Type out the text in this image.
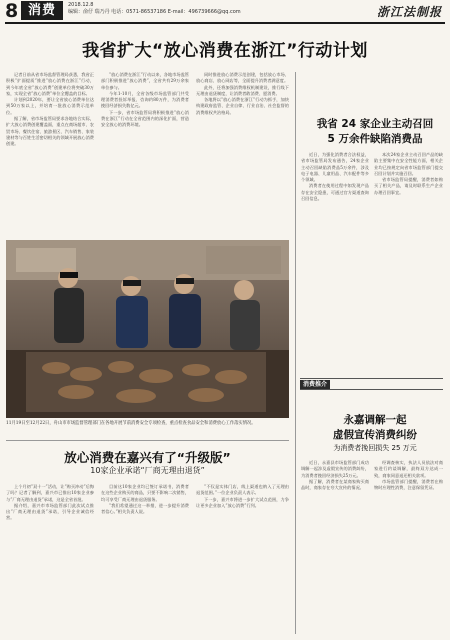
8 消费	2018.12.8
编辑：俞仔 瑞乃丹 电话：0571-86537186 E-mail：496739666@qq.com	浙江法制报
我省扩大“放心消费在浙江”行动计划

记者日前从省市场监督管理局获悉，我省正积极“扩面提质”推进“放心消费在浙江”行动，到今年底全省“放心消费”创建单位将突破30万家，实现全省“放心消费”单位全覆盖的目标。

计划到2020年，要让全省放心消费单位达到50万家以上，并培育一批放心消费示范单位。

据了解，省市场监管局要求各地结合实际，扩大放心消费创建覆盖面，重点在商场超市、农贸市场、餐饮住宿、旅游景区、汽车销售、家装建材等与百姓生活密切相关的领域开展放心消费创建。

“放心消费在浙江”行动以来，各地市场监管部门积极推进“放心消费”，全省共有29万余家单位参与。

今年1-10月，全省各级市场监管部门共受理消费者投诉举报、咨询约80万件，为消费者挽回经济损失数亿元。

下一步，省市场监管局将积极推进“放心消费在浙江”行动在全省范围内的深化扩面，营造安全放心的消费环境。

同时推进放心消费示范创建，包括放心市场、放心商店、放心网店等，全面提升消费者满意度。

此外，还将加强消费维权机制建设，推行线下无理由退货制度，让消费者敢消费、愿消费。

各地将以“放心消费在浙江”行动为抓手，加快构建政府监管、企业自律、行业自治、社会监督的消费维权共治格局。

11月19日至12月22日，舟山市市场监督管理部门在各地开展节前消费安全专项检查，重点检查食品安全和消费放心工作落实情况。
放心消费在嘉兴有了“升级版”
10家企业承诺“厂商无理由退货”

上个月初“双十一”活动，让“购买冲动”后悔了吗？记者了解到，嘉兴市已推出10家企业参与“厂商无理由退货”承诺，这是全省首批。

据介绍，嘉兴市市场监管部门此次试点推出“厂商无理由退货”承诺，引导企业诚信经营。

目前这10家企业均已签订承诺书，消费者在这些企业购买的商品，只要不影响二次销售，均可享受厂商无理由退货服务。

“我们希望通过这一举措，进一步提升消费者信心。”相关负责人说。

“不仅是实体门店，线上渠道也纳入了无理由退货范围。”一位企业负责人表示。

下一步，嘉兴市将进一步扩大试点范围，力争让更多企业加入“放心消费”行列。

我省 24 家企业主动召回
5 万余件缺陷消费品

近日，为强化消费者合法权益，省市场监管局发布通告，24家企业主动召回缺陷消费品5万余件，涉及电子电器、儿童用品、汽车配件等多个领域。

消费者在使用过程中如发现产品存在安全隐患，可通过官方渠道查询召回信息。

本次24家企业主动召回产品的缺陷主要集中在安全性能方面，相关企业均已按规定向省市场监管部门提交召回计划并实施召回。

省市场监管局提醒，消费者如购买了相关产品，请及时联系生产企业办理召回事宜。

消费推介
永嘉调解一起
虚假宣传消费纠纷
为消费者挽回损失 25 万元

近日，永嘉县市场监管部门成功调解一起涉及虚假宣传的消费纠纷，为消费者挽回经济损失25万元。

据了解，消费者在某商家购买商品时，商家存在夸大宣传的情况。

经调查核实，执法人员依法对商家进行约谈调解，最终双方达成一致，商家同意退还相关款项。

市场监管部门提醒，消费者在购物时应理性消费，注意保留凭证。
